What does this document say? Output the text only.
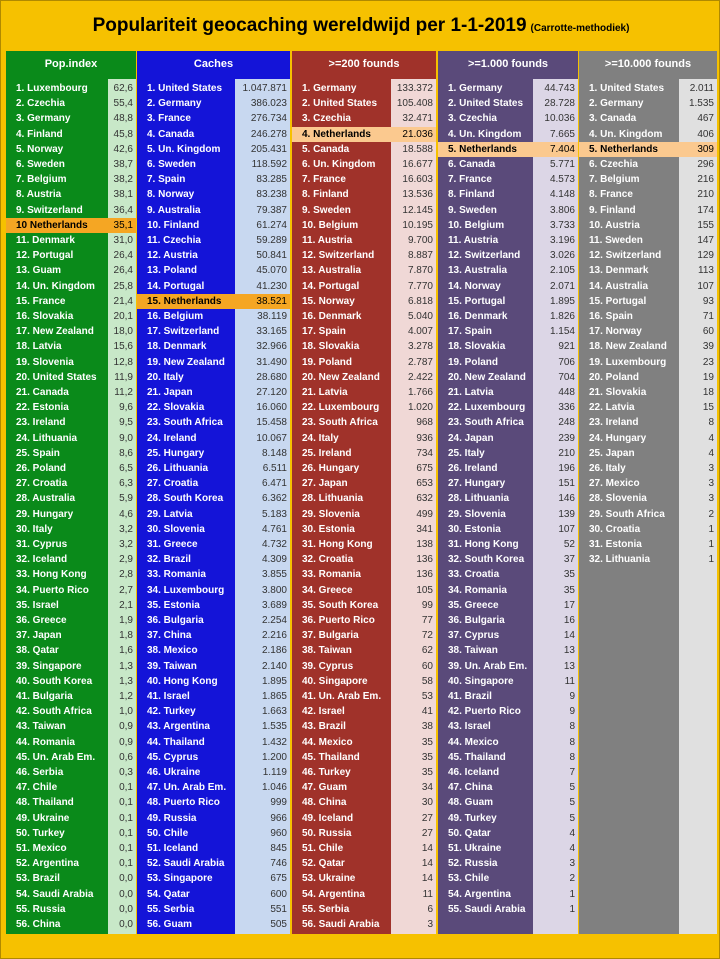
Populariteit geocaching wereldwijd per 1-1-2019 (Carrotte-methodiek)
Pop.index
1. Luxembourg	62,6
2. Czechia	55,4
3. Germany	48,8
4. Finland	45,8
5. Norway	42,6
6. Sweden	38,7
7. Belgium	38,2
8. Austria	38,1
9. Switzerland	36,4
10 Netherlands	35,1
11. Denmark	31,0
12. Portugal	26,4
13. Guam	26,4
14. Un. Kingdom 25,8
15. France	21,4
16. Slovakia	20,1
17. New Zealand 18,0
18. Latvia	15,6
19. Slovenia	12,8
20. United States 11,9
21. Canada	11,2
22. Estonia	9,6
23. Ireland	9,5
24. Lithuania	9,0
25. Spain	8,6
26. Poland	6,5
27. Croatia	6,3
28. Australia	5,9
29. Hungary	4,6
30. Italy	3,2
31. Cyprus	3,2
32. Iceland	2,9
33. Hong Kong	2,8
34. Puerto Rico	2,7
35. Israel	2,1
36. Greece	1,9
37. Japan	1,8
38. Qatar	1,6
39. Singapore	1,3
40. South Korea	1,3
41. Bulgaria	1,2
42. South Africa	1,0
43. Taiwan	0,9
44. Romania	0,9
45. Un. Arab Em. 0,6
46. Serbia	0,3
47. Chile	0,1
48. Thailand	0,1
49. Ukraine	0,1
50. Turkey	0,1
51. Mexico	0,1
52. Argentina	0,1
53. Brazil	0,0
54. Saudi Arabia	0,0
55. Russia	0,0
56. China	0,0
Caches
1. United States 1.047.871
2. Germany	386.023
3. France	276.734
4. Canada	246.278
5. Un. Kingdom	205.431
6. Sweden	118.592
7. Spain	83.285
8. Norway	83.238
9. Australia	79.387
10. Finland	61.274
11. Czechia	59.289
12. Austria	50.841
13. Poland	45.070
14. Portugal	41.230
15. Netherlands	38.521
16. Belgium	38.119
17. Switzerland	33.165
18. Denmark	32.966
19. New Zealand	31.490
20. Italy	28.680
21. Japan	27.120
22. Slovakia	16.060
23. South Africa	15.458
24. Ireland	10.067
25. Hungary	8.148
26. Lithuania	6.511
27. Croatia	6.471
28. South Korea	6.362
29. Latvia	5.183
30. Slovenia	4.761
31. Greece	4.732
32. Brazil	4.309
33. Romania	3.855
34. Luxembourg	3.800
35. Estonia	3.689
36. Bulgaria	2.254
37. China	2.216
38. Mexico	2.186
39. Taiwan	2.140
40. Hong Kong	1.895
41. Israel	1.865
42. Turkey	1.663
43. Argentina	1.535
44. Thailand	1.432
45. Cyprus	1.200
46. Ukraine	1.119
47. Un. Arab Em.	1.046
48. Puerto Rico	999
49. Russia	966
50. Chile	960
51. Iceland	845
52. Saudi Arabia	746
53. Singapore	675
54. Qatar	600
55. Serbia	551
56. Guam	505
>=200 founds
1. Germany	133.372
2. United States 105.408
3. Czechia	32.471
4. Netherlands	21.036
5. Canada	18.588
6. Un. Kingdom	16.677
7. France	16.603
8. Finland	13.536
9. Sweden	12.145
10. Belgium	10.195
11. Austria	9.700
12. Switzerland	8.887
13. Australia	7.870
14. Portugal	7.770
15. Norway	6.818
16. Denmark	5.040
17. Spain	4.007
18. Slovakia	3.278
19. Poland	2.787
20. New Zealand	2.422
21. Latvia	1.766
22. Luxembourg	1.020
23. South Africa	968
24. Italy	936
25. Ireland	734
26. Hungary	675
27. Japan	653
28. Lithuania	632
29. Slovenia	499
30. Estonia	341
31. Hong Kong	138
32. Croatia	136
33. Romania	136
34. Greece	105
35. South Korea	99
36. Puerto Rico	77
37. Bulgaria	72
38. Taiwan	62
39. Cyprus	60
40. Singapore	58
41. Un. Arab Em.	53
42. Israel	41
43. Brazil	38
44. Mexico	35
45. Thailand	35
46. Turkey	35
47. Guam	34
48. China	30
49. Iceland	27
50. Russia	27
51. Chile	14
52. Qatar	14
53. Ukraine	14
54. Argentina	11
55. Serbia	6
56. Saudi Arabia	3
>=1.000 founds
1. Germany	44.743
2. United States 28.728
3. Czechia	10.036
4. Un. Kingdom	7.665
5. Netherlands	7.404
6. Canada	5.771
7. France	4.573
8. Finland	4.148
9. Sweden	3.806
10. Belgium	3.733
11. Austria	3.196
12. Switzerland	3.026
13. Australia	2.105
14. Norway	2.071
15. Portugal	1.895
16. Denmark	1.826
17. Spain	1.154
18. Slovakia	921
19. Poland	706
20. New Zealand	704
21. Latvia	448
22. Luxembourg	336
23. South Africa	248
24. Japan	239
25. Italy	210
26. Ireland	196
27. Hungary	151
28. Lithuania	146
29. Slovenia	139
30. Estonia	107
31. Hong Kong	52
32. South Korea	37
33. Croatia	35
34. Romania	35
35. Greece	17
36. Bulgaria	16
37. Cyprus	14
38. Taiwan	13
39. Un. Arab Em.	13
40. Singapore	11
41. Brazil	9
42. Puerto Rico	9
43. Israel	8
44. Mexico	8
45. Thailand	8
46. Iceland	7
47. China	5
48. Guam	5
49. Turkey	5
50. Qatar	4
51. Ukraine	4
52. Russia	3
53. Chile	2
54. Argentina	1
55. Saudi Arabia	1
>=10.000 founds
1. United States	2.011
2. Germany	1.535
3. Canada	467
4. Un. Kingdom	406
5. Netherlands	309
6. Czechia	296
7. Belgium	216
8. France	210
9. Finland	174
10. Austria	155
11. Sweden	147
12. Switzerland	129
13. Denmark	113
14. Australia	107
15. Portugal	93
16. Spain	71
17. Norway	60
18. New Zealand	39
19. Luxembourg	23
20. Poland	19
21. Slovakia	18
22. Latvia	15
23. Ireland	8
24. Hungary	4
25. Japan	4
26. Italy	3
27. Mexico	3
28. Slovenia	3
29. South Africa	2
30. Croatia	1
31. Estonia	1
32. Lithuania	1
